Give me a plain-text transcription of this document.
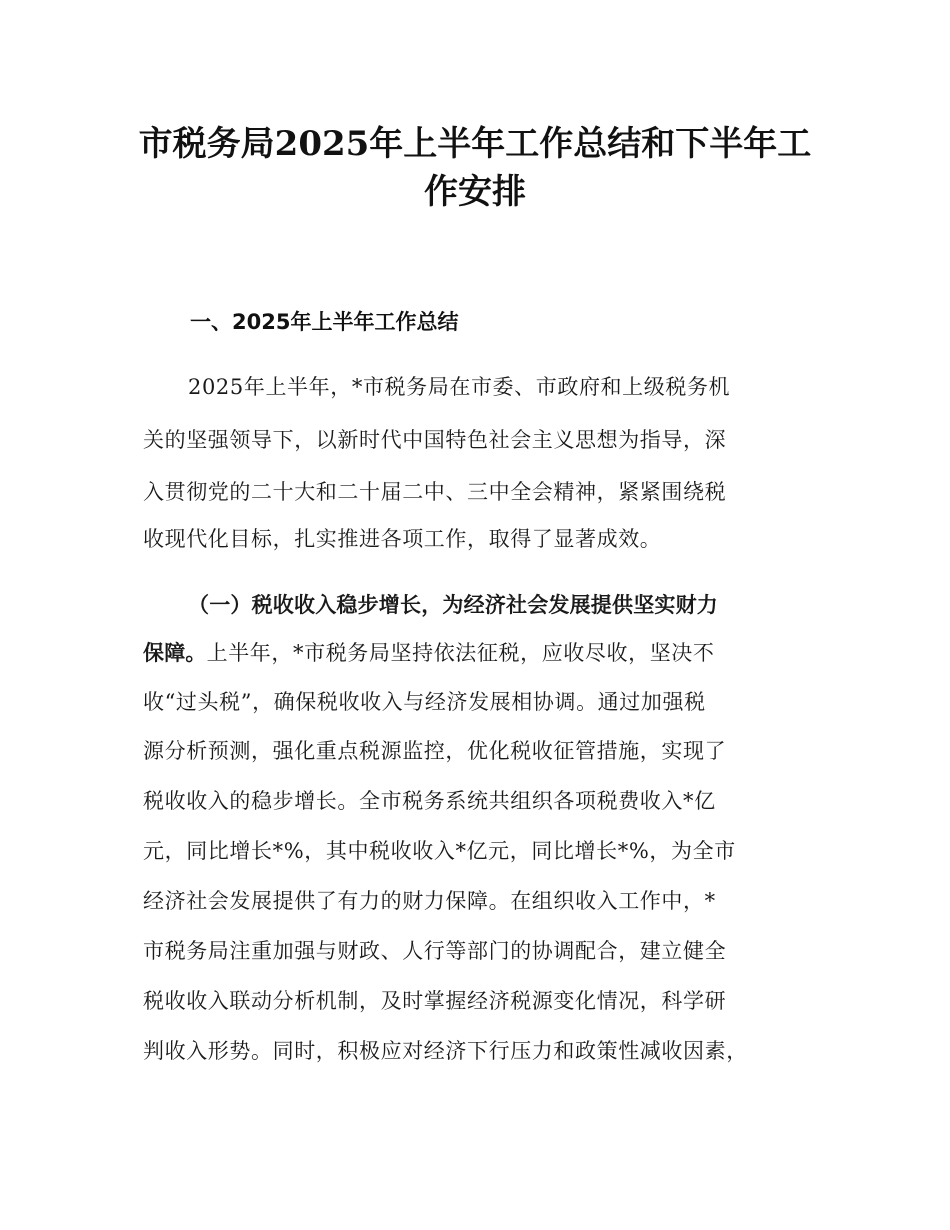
市税务局2025年上半年工作总结和下半年工
作安排
一、2025年上半年工作总结
2025年上半年，*市税务局在市委、市政府和上级税务机
关的坚强领导下，以新时代中国特色社会主义思想为指导，深
入贯彻党的二十大和二十届二中、三中全会精神，紧紧围绕税
收现代化目标，扎实推进各项工作，取得了显著成效。
（一）税收收入稳步增长，为经济社会发展提供坚实财力
保障。上半年，*市税务局坚持依法征税，应收尽收，坚决不
收“过头税”，确保税收收入与经济发展相协调。通过加强税
源分析预测，强化重点税源监控，优化税收征管措施，实现了
税收收入的稳步增长。全市税务系统共组织各项税费收入*亿
元，同比增长*%，其中税收收入*亿元，同比增长*%，为全市
经济社会发展提供了有力的财力保障。在组织收入工作中，*
市税务局注重加强与财政、人行等部门的协调配合，建立健全
税收收入联动分析机制，及时掌握经济税源变化情况，科学研
判收入形势。同时，积极应对经济下行压力和政策性减收因素，
